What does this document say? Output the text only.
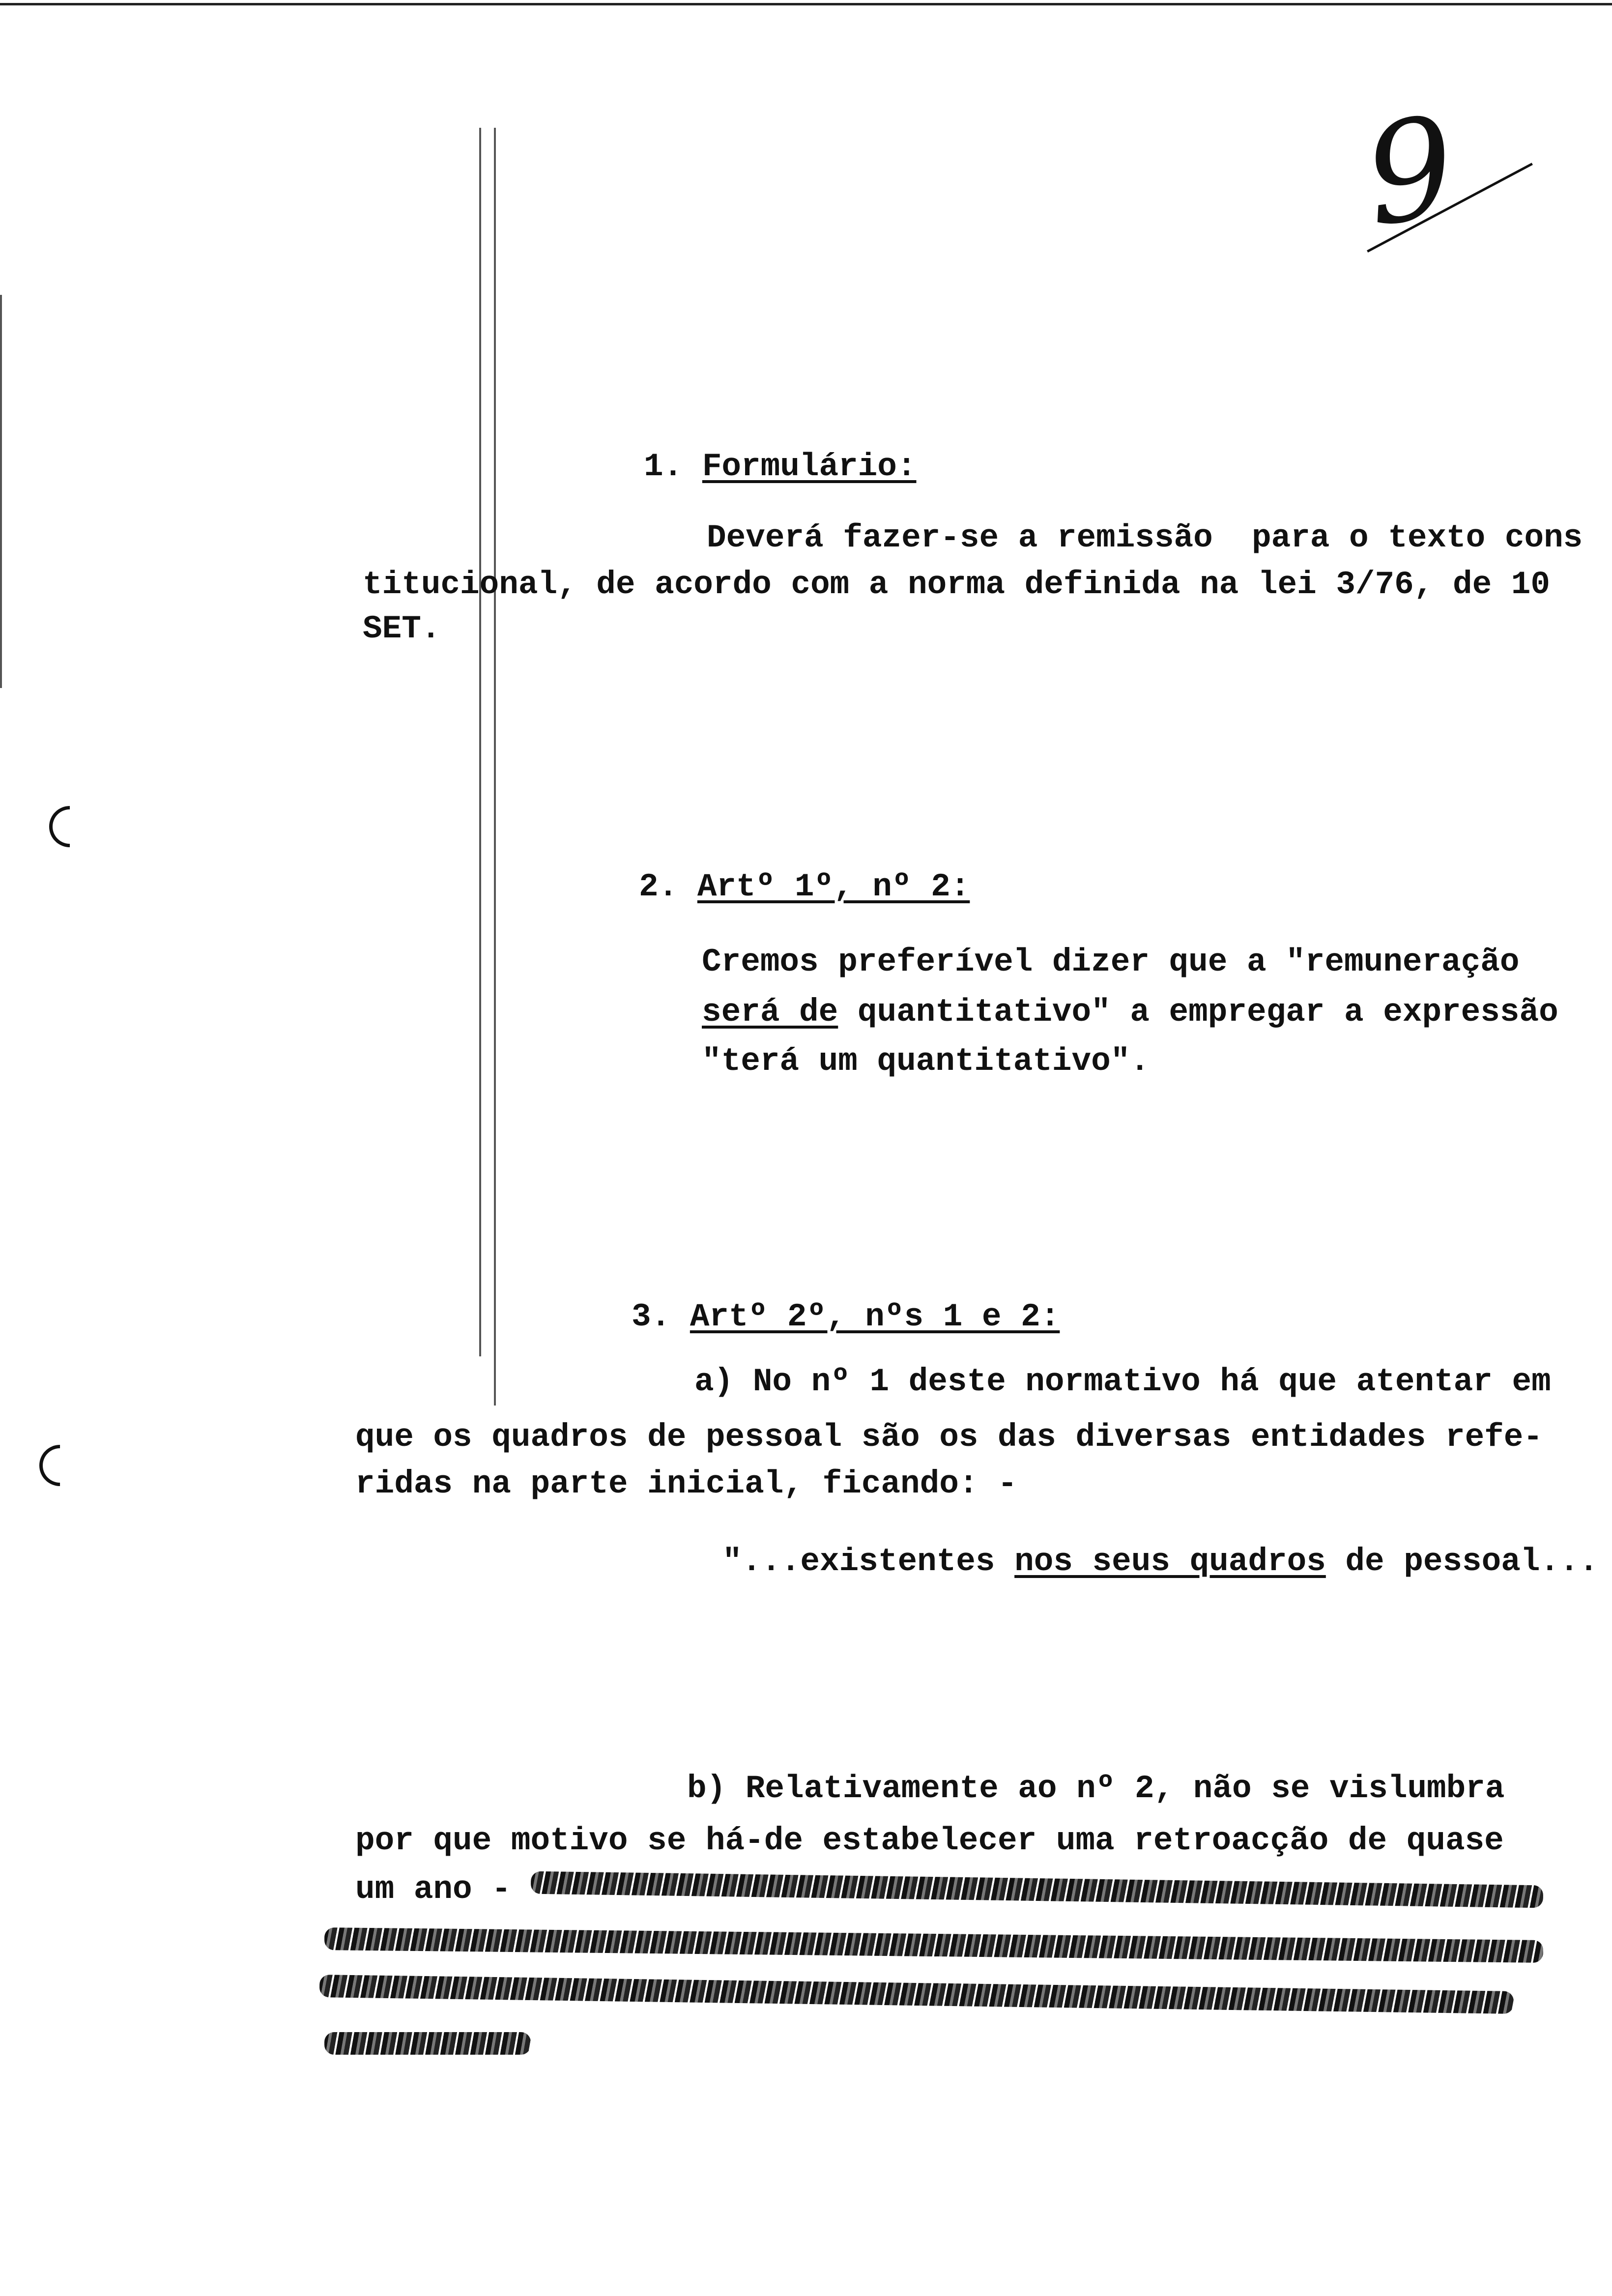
9
1. Formulário:
Deverá fazer-se a remissão  para o texto cons
titucional, de acordo com a norma definida na lei 3/76, de 10
SET.
2. Artº 1º, nº 2:
Cremos preferível dizer que a "remuneração
será de quantitativo" a empregar a expressão
"terá um quantitativo".
3. Artº 2º, nºs 1 e 2:
a) No nº 1 deste normativo há que atentar em
que os quadros de pessoal são os das diversas entidades refe-
ridas na parte inicial, ficando: -
"...existentes nos seus quadros de pessoal...
b) Relativamente ao nº 2, não se vislumbra
por que motivo se há-de estabelecer uma retroacção de quase
um ano -
